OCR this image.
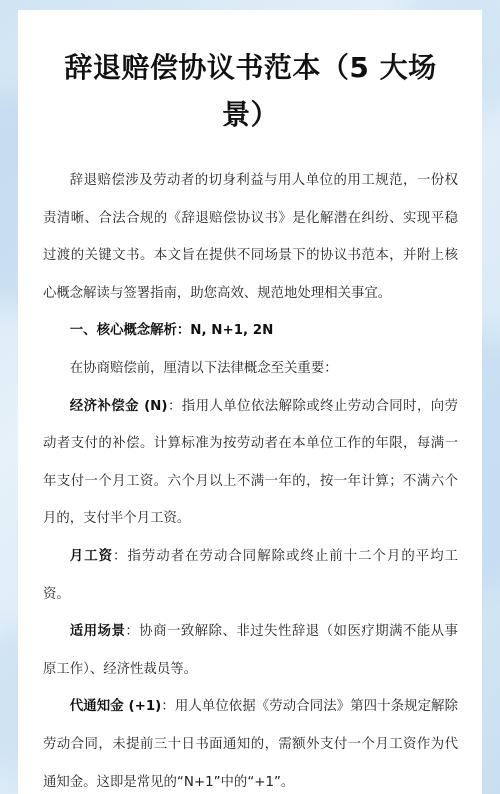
辞退赔偿协议书范本（5 大场景）

辞退赔偿涉及劳动者的切身利益与用人单位的用工规范，一份权责清晰、合法合规的《辞退赔偿协议书》是化解潜在纠纷、实现平稳过渡的关键文书。本文旨在提供不同场景下的协议书范本，并附上核心概念解读与签署指南，助您高效、规范地处理相关事宜。

一、核心概念解析：N, N+1, 2N

在协商赔偿前，厘清以下法律概念至关重要：

经济补偿金 (N)：指用人单位依法解除或终止劳动合同时，向劳动者支付的补偿。计算标准为按劳动者在本单位工作的年限，每满一年支付一个月工资。六个月以上不满一年的，按一年计算；不满六个月的，支付半个月工资。

月工资：指劳动者在劳动合同解除或终止前十二个月的平均工资。

适用场景：协商一致解除、非过失性辞退（如医疗期满不能从事原工作）、经济性裁员等。

代通知金 (+1)：用人单位依据《劳动合同法》第四十条规定解除劳动合同，未提前三十日书面通知的，需额外支付一个月工资作为代通知金。这即是常见的“N+1”中的“+1”。
